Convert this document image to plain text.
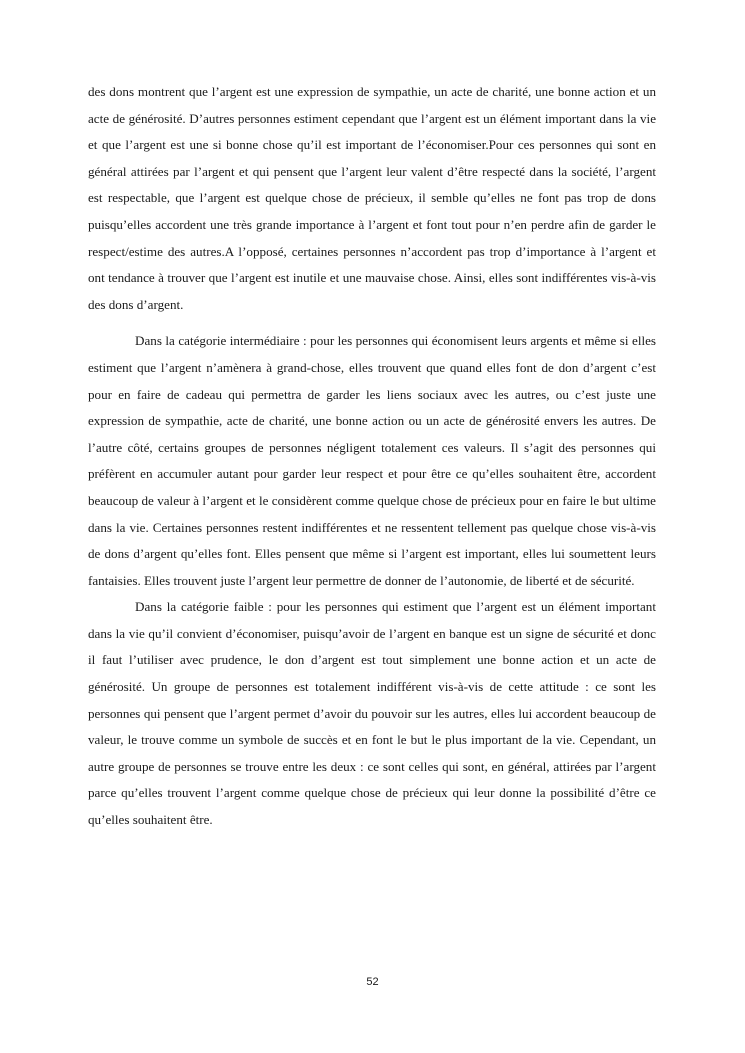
des dons montrent que l’argent est une expression de sympathie, un acte de charité, une bonne action et un acte de générosité. D’autres personnes estiment cependant que l’argent est un élément important dans la vie et que l’argent est une si bonne chose qu’il est important de l’économiser.Pour ces personnes qui sont en général attirées par l’argent et qui pensent que l’argent leur valent d’être respecté dans la société, l’argent est respectable, que l’argent est quelque chose de précieux, il semble qu’elles ne font pas trop de dons puisqu’elles accordent une très grande importance à l’argent et font tout pour n’en perdre afin de garder le respect/estime des autres.A l’opposé, certaines personnes n’accordent pas trop d’importance à l’argent et ont tendance à trouver que l’argent est inutile et une mauvaise chose. Ainsi, elles sont indifférentes vis-à-vis des dons d’argent.

Dans la catégorie intermédiaire : pour les personnes qui économisent leurs argents et même si elles estiment que l’argent n’amènera à grand-chose, elles trouvent que quand elles font de don d’argent c’est pour en faire de cadeau qui permettra de garder les liens sociaux avec les autres, ou c’est juste une expression de sympathie, acte de charité, une bonne action ou un acte de générosité envers les autres. De l’autre côté, certains groupes de personnes négligent totalement ces valeurs. Il s’agit des personnes qui préfèrent en accumuler autant pour garder leur respect et pour être ce qu’elles souhaitent être, accordent beaucoup de valeur à l’argent et le considèrent comme quelque chose de précieux pour en faire le but ultime dans la vie. Certaines personnes restent indifférentes et ne ressentent tellement pas quelque chose vis-à-vis de dons d’argent qu’elles font. Elles pensent que même si l’argent est important, elles lui soumettent leurs fantaisies. Elles trouvent juste l’argent leur permettre de donner de l’autonomie, de liberté et de sécurité.

Dans la catégorie faible : pour les personnes qui estiment que l’argent est un élément important dans la vie qu’il convient d’économiser, puisqu’avoir de l’argent en banque est un signe de sécurité et donc il faut l’utiliser avec prudence, le don d’argent est tout simplement une bonne action et un acte de générosité. Un groupe de personnes est totalement indifférent vis-à-vis de cette attitude : ce sont les personnes qui pensent que l’argent permet d’avoir du pouvoir sur les autres, elles lui accordent beaucoup de valeur, le trouve comme un symbole de succès et en font le but le plus important de la vie. Cependant, un autre groupe de personnes se trouve entre les deux : ce sont celles qui sont, en général, attirées par l’argent parce qu’elles trouvent l’argent comme quelque chose de précieux qui leur donne la possibilité d’être ce qu’elles souhaitent être.

52
